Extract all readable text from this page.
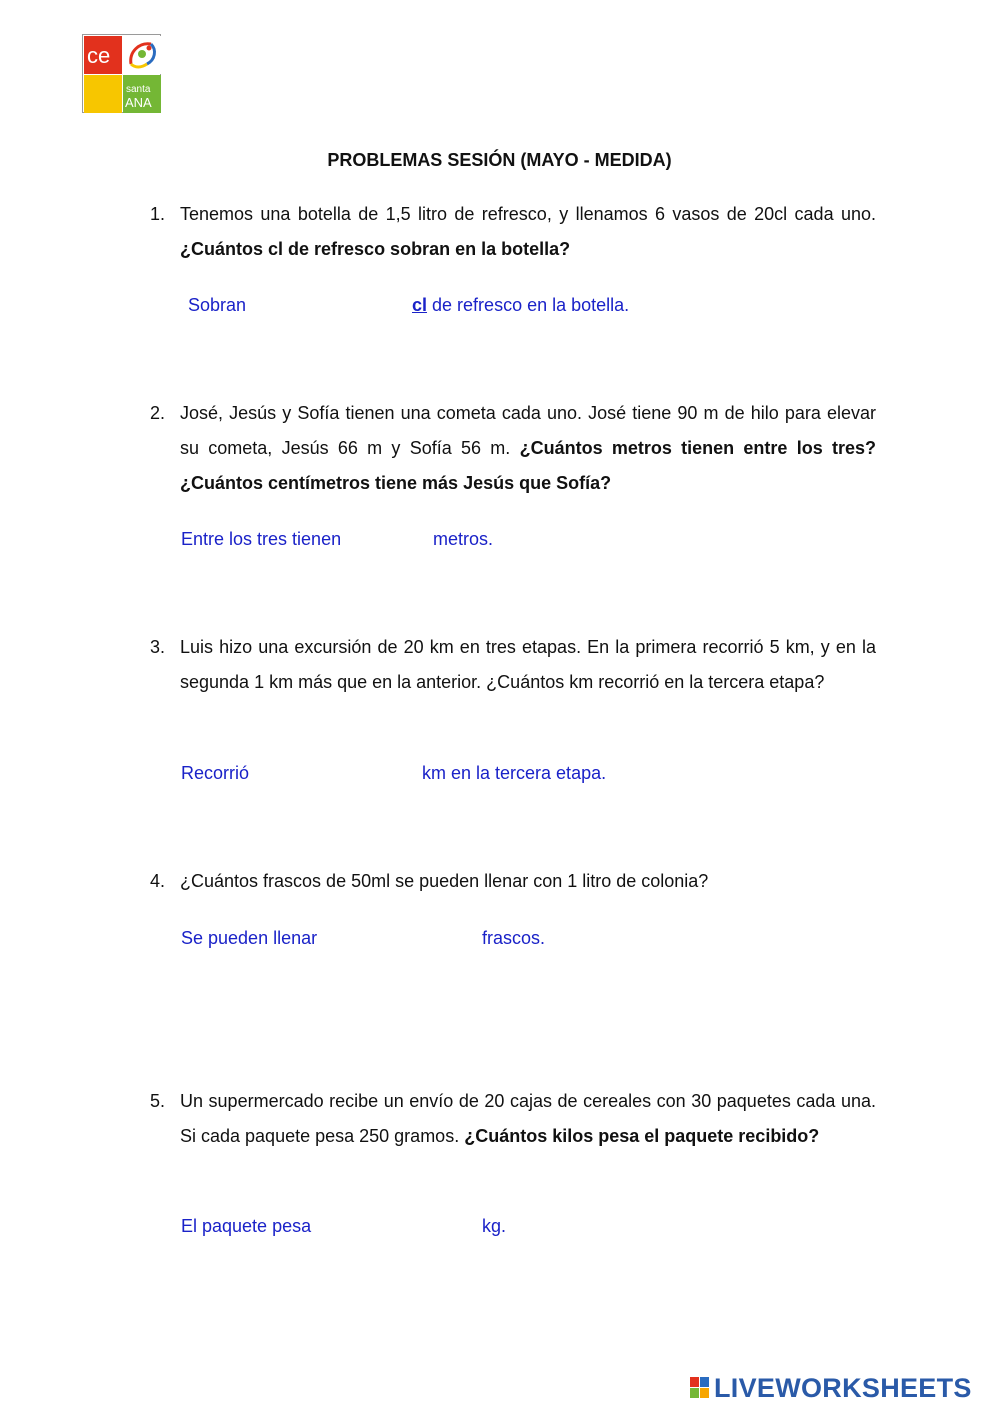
ce
santa
ANA
PROBLEMAS SESIÓN (MAYO - MEDIDA)
1. Tenemos una botella de 1,5 litro de refresco, y llenamos 6 vasos de 20cl cada uno. ¿Cuántos cl de refresco sobran en la botella?
Sobran	cl de refresco en la botella.
2. José, Jesús y Sofía tienen una cometa cada uno. José tiene 90 m de hilo para elevar su cometa, Jesús 66 m y Sofía 56 m. ¿Cuántos metros tienen entre los tres? ¿Cuántos centímetros tiene más Jesús que Sofía?
Entre los tres tienen	metros.
3. Luis hizo una excursión de 20 km en tres etapas. En la primera recorrió 5 km, y en la segunda 1 km más que en la anterior. ¿Cuántos km recorrió en la tercera etapa?
Recorrió	km en la tercera etapa.
4. ¿Cuántos frascos de 50ml se pueden llenar con 1 litro de colonia?
Se pueden llenar	frascos.
5. Un supermercado recibe un envío de 20 cajas de cereales con 30 paquetes cada una. Si cada paquete pesa 250 gramos. ¿Cuántos kilos pesa el paquete recibido?
El paquete pesa	kg.
LIVEWORKSHEETS
